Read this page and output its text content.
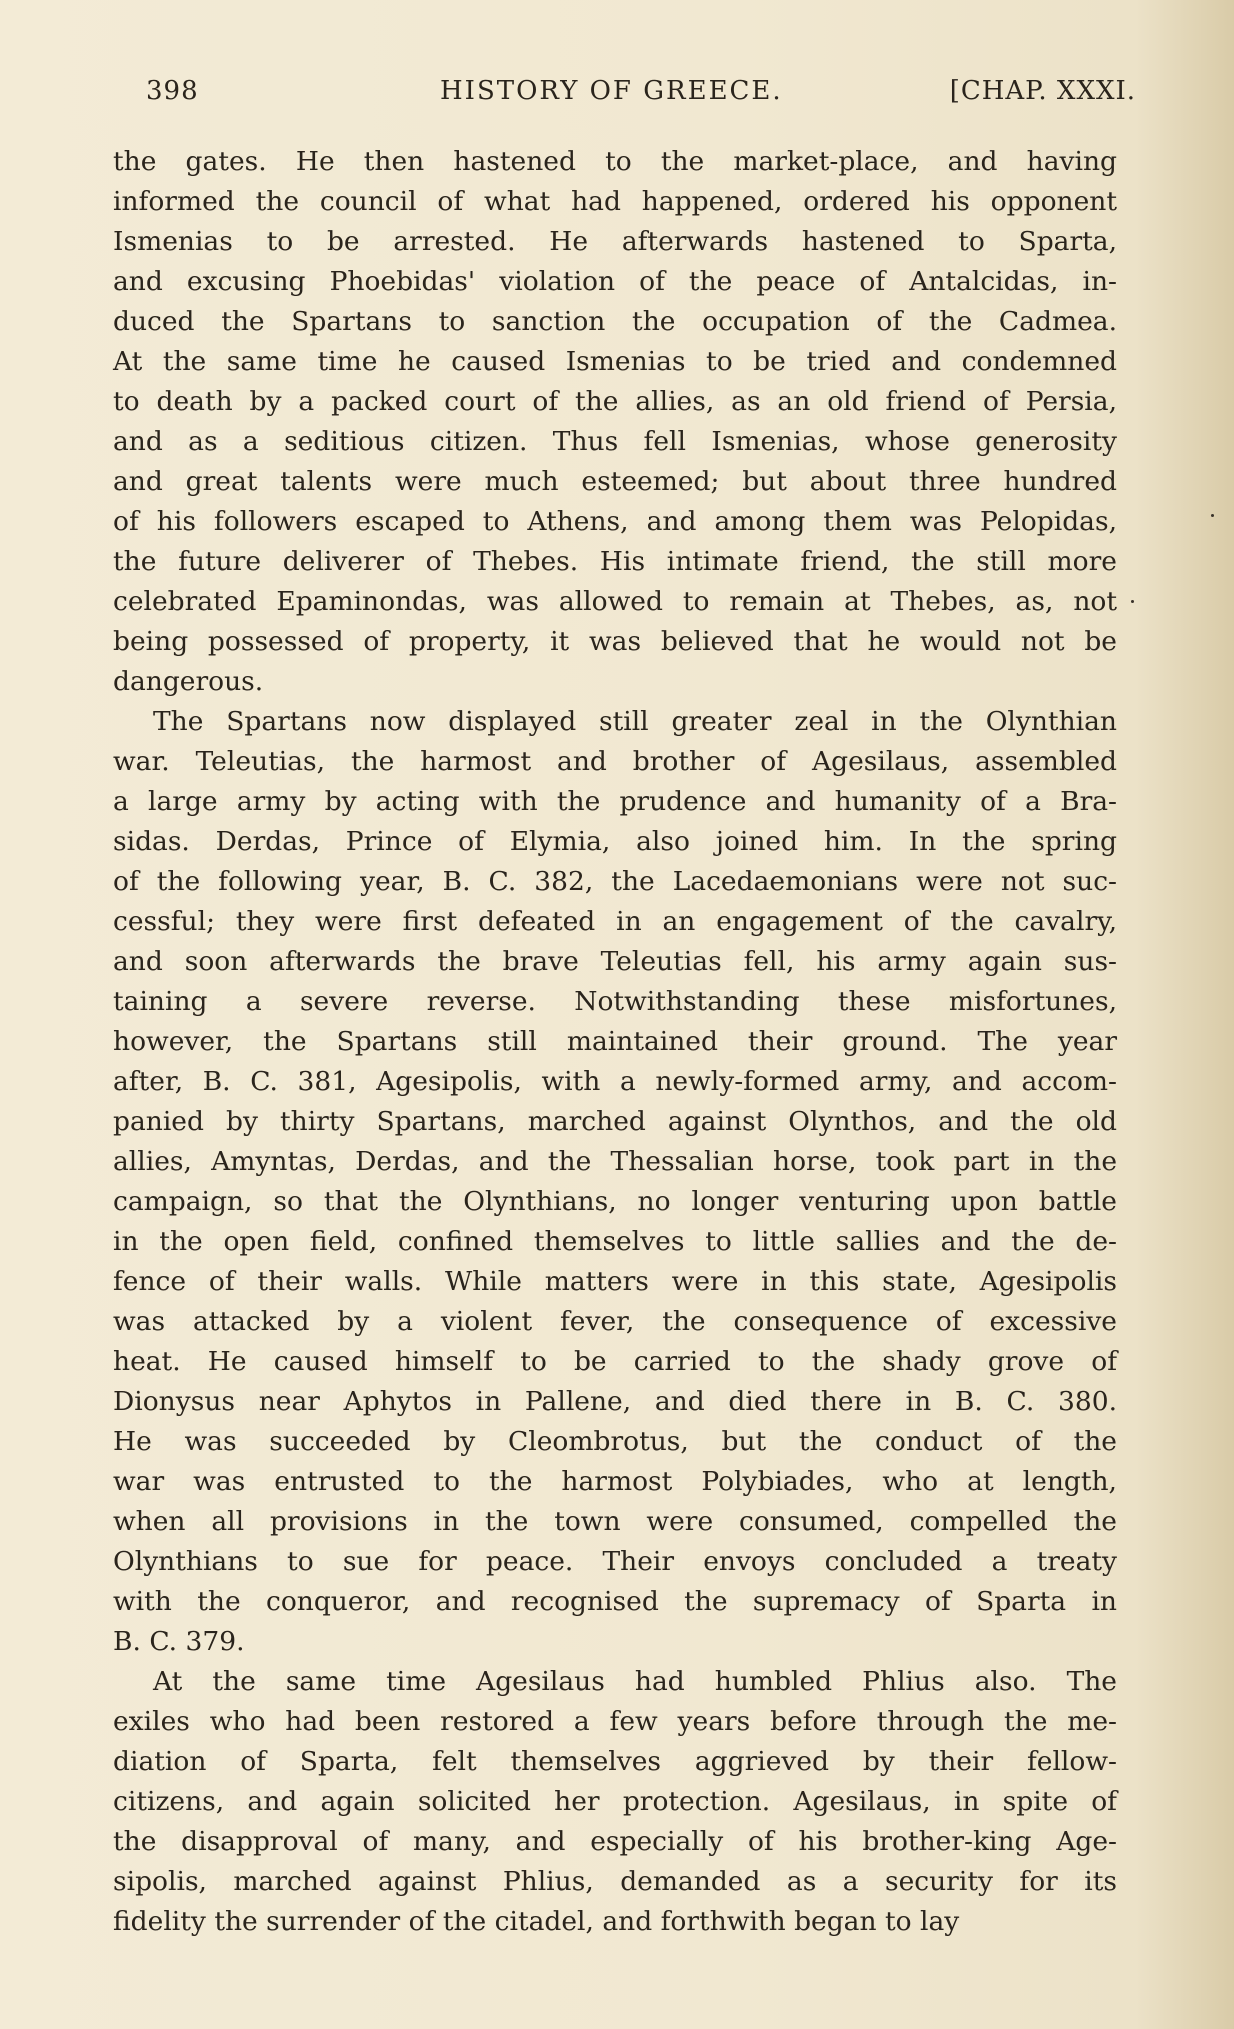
398	HISTORY OF GREECE.	[CHAP. XXXI.
the gates. He then hastened to the market-place, and having
informed the council of what had happened, ordered his opponent
Ismenias to be arrested. He afterwards hastened to Sparta,
and excusing Phoebidas' violation of the peace of Antalcidas, in-
duced the Spartans to sanction the occupation of the Cadmea.
At the same time he caused Ismenias to be tried and condemned
to death by a packed court of the allies, as an old friend of Persia,
and as a seditious citizen. Thus fell Ismenias, whose generosity
and great talents were much esteemed; but about three hundred
of his followers escaped to Athens, and among them was Pelopidas,
the future deliverer of Thebes. His intimate friend, the still more
celebrated Epaminondas, was allowed to remain at Thebes, as, not
being possessed of property, it was believed that he would not be
dangerous.
The Spartans now displayed still greater zeal in the Olynthian
war. Teleutias, the harmost and brother of Agesilaus, assembled
a large army by acting with the prudence and humanity of a Bra-
sidas. Derdas, Prince of Elymia, also joined him. In the spring
of the following year, B. C. 382, the Lacedaemonians were not suc-
cessful; they were first defeated in an engagement of the cavalry,
and soon afterwards the brave Teleutias fell, his army again sus-
taining a severe reverse. Notwithstanding these misfortunes,
however, the Spartans still maintained their ground. The year
after, B. C. 381, Agesipolis, with a newly-formed army, and accom-
panied by thirty Spartans, marched against Olynthos, and the old
allies, Amyntas, Derdas, and the Thessalian horse, took part in the
campaign, so that the Olynthians, no longer venturing upon battle
in the open field, confined themselves to little sallies and the de-
fence of their walls. While matters were in this state, Agesipolis
was attacked by a violent fever, the consequence of excessive
heat. He caused himself to be carried to the shady grove of
Dionysus near Aphytos in Pallene, and died there in B. C. 380.
He was succeeded by Cleombrotus, but the conduct of the
war was entrusted to the harmost Polybiades, who at length,
when all provisions in the town were consumed, compelled the
Olynthians to sue for peace. Their envoys concluded a treaty
with the conqueror, and recognised the supremacy of Sparta in
B. C. 379.
At the same time Agesilaus had humbled Phlius also. The
exiles who had been restored a few years before through the me-
diation of Sparta, felt themselves aggrieved by their fellow-
citizens, and again solicited her protection. Agesilaus, in spite of
the disapproval of many, and especially of his brother-king Age-
sipolis, marched against Phlius, demanded as a security for its
fidelity the surrender of the citadel, and forthwith began to lay
